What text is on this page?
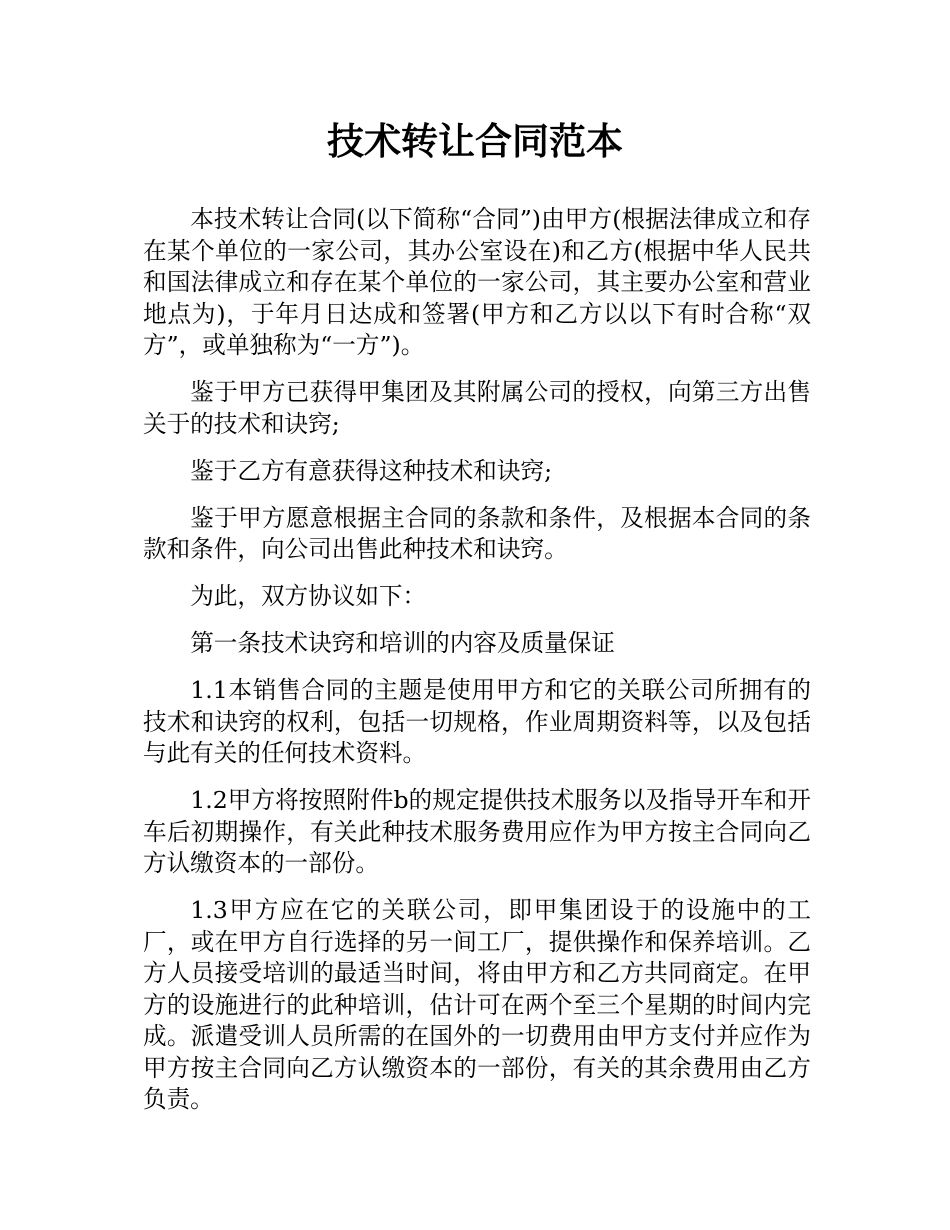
技术转让合同范本

本技术转让合同(以下简称“合同”)由甲方(根据法律成立和存在某个单位的一家公司，其办公室设在)和乙方(根据中华人民共和国法律成立和存在某个单位的一家公司，其主要办公室和营业地点为)，于年月日达成和签署(甲方和乙方以以下有时合称“双方”，或单独称为“一方”)。

鉴于甲方已获得甲集团及其附属公司的授权，向第三方出售关于的技术和诀窍;

鉴于乙方有意获得这种技术和诀窍;

鉴于甲方愿意根据主合同的条款和条件，及根据本合同的条款和条件，向公司出售此种技术和诀窍。

为此，双方协议如下：

第一条技术诀窍和培训的内容及质量保证

1.1本销售合同的主题是使用甲方和它的关联公司所拥有的技术和诀窍的权利，包括一切规格，作业周期资料等，以及包括与此有关的任何技术资料。

1.2甲方将按照附件b的规定提供技术服务以及指导开车和开车后初期操作，有关此种技术服务费用应作为甲方按主合同向乙方认缴资本的一部份。

1.3甲方应在它的关联公司，即甲集团设于的设施中的工厂，或在甲方自行选择的另一间工厂，提供操作和保养培训。乙方人员接受培训的最适当时间，将由甲方和乙方共同商定。在甲方的设施进行的此种培训，估计可在两个至三个星期的时间内完成。派遣受训人员所需的在国外的一切费用由甲方支付并应作为甲方按主合同向乙方认缴资本的一部份，有关的其余费用由乙方负责。
